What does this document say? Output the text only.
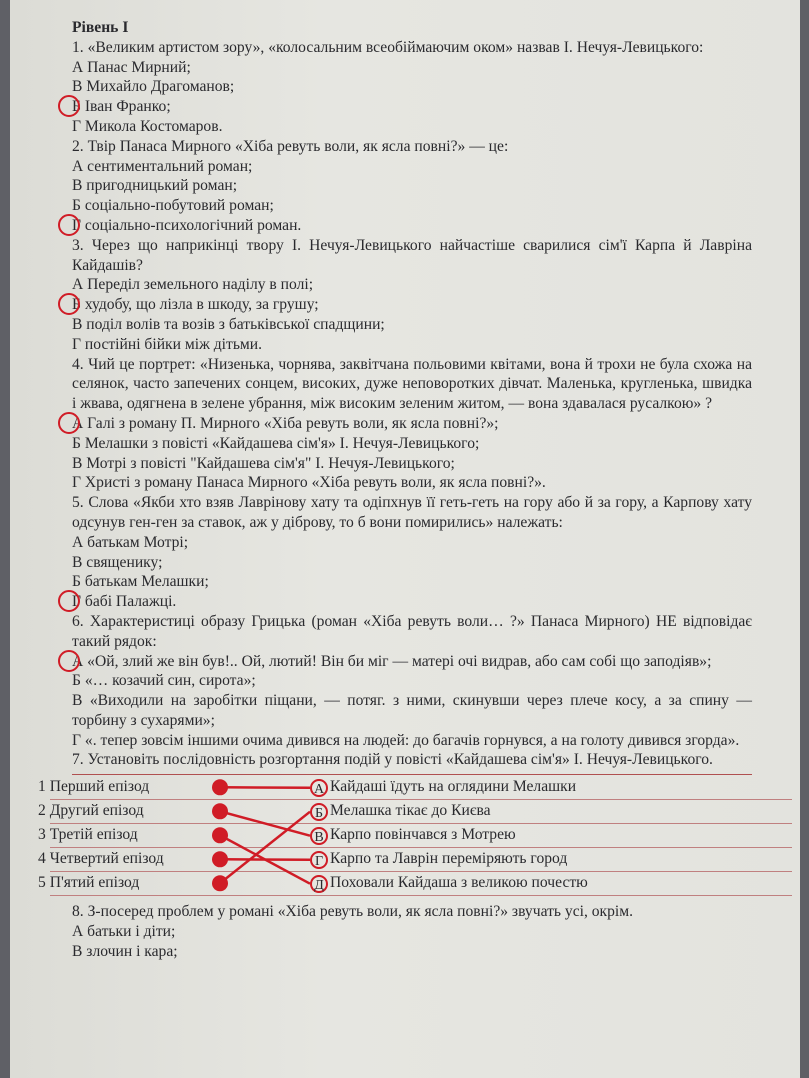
Рівень І

1. «Великим артистом зору», «колосальним всеобіймаючим оком» назвав І. Нечуя-Левицького:

А Панас Мирний;

В Михайло Драгоманов;

Б Іван Франко;

Г Микола Костомаров.

2. Твір Панаса Мирного «Хіба ревуть воли, як ясла повні?» — це:

А сентиментальний роман;

В пригодницький роман;

Б соціально-побутовий роман;

Г соціально-психологічний роман.

3. Через що наприкінці твору І. Нечуя-Левицького найчастіше сварилися сім'ї Карпа й Лаврiна Кайдашів?

А Переділ земельного наділу в полі;

Б худобу, що лізла в шкоду, за грушу;

В поділ волів та возів з батьківської спадщини;

Г постійні бійки між дітьми.

4. Чий це портрет: «Низенька, чорнява, заквітчана польовими квітами, вона й трохи не була схожа на селянок, часто запечених сонцем, високих, дуже неповоротких дівчат. Маленька, кругленька, швидка і жвава, одягнена в зелене убрання, між високим зеленим житом, — вона здавалася русалкою» ?

А Галі з роману П. Мирного «Хіба ревуть воли, як ясла повні?»;

Б Мелашки з повісті «Кайдашева сім'я» І. Нечуя-Левицького;

В Мотрі з повісті "Кайдашева сім'я" І. Нечуя-Левицького;

Г Христі з роману Панаса Мирного «Хіба ревуть воли, як ясла повні?».

5. Слова «Якби хто взяв Лаврінову хату та одіпхнув її геть-геть на гору або й за гору, а Карпову хату одсунув ген-ген за ставок, аж у діброву, то б вони помирились» належать:

А батькам Мотрі;

В священику;

Б батькам Мелашки;

Г бабі Палажці.

6. Характеристиці образу Грицька (роман «Хіба ревуть воли… ?» Панаса Мирного) НЕ відповідає такий рядок:

А «Ой, злий же він був!.. Ой, лютий! Він би міг — матері очі видрав, або сам собі що заподіяв»;

Б «… козачий син, сирота»;

В «Виходили на заробітки піщани, — потяг. з ними, скинувши через плече косу, а за спину — торбину з сухарями»;

Г «. тепер зовсім іншими очима дивився на людей: до багачів горнувся, а на голоту дивився згорда».

7. Установіть послідовність розгортання подій у повісті «Кайдашева сім'я» І. Нечуя-Левицького.

1 Перший епізод	А Кайдаші їдуть на оглядини Мелашки
2 Другий епізод	Б Мелашка тікає до Києва
3 Третій епізод	В Карпо повінчався з Мотрею
4 Четвертий епізод	Г Карпо та Лаврін переміряють город
5 П'ятий епізод	Д Поховали Кайдаша з великою почестю

8. З-посеред проблем у романі «Хіба ревуть воли, як ясла повні?» звучать усі, окрім.

А батьки і діти;

В злочин і кара;
